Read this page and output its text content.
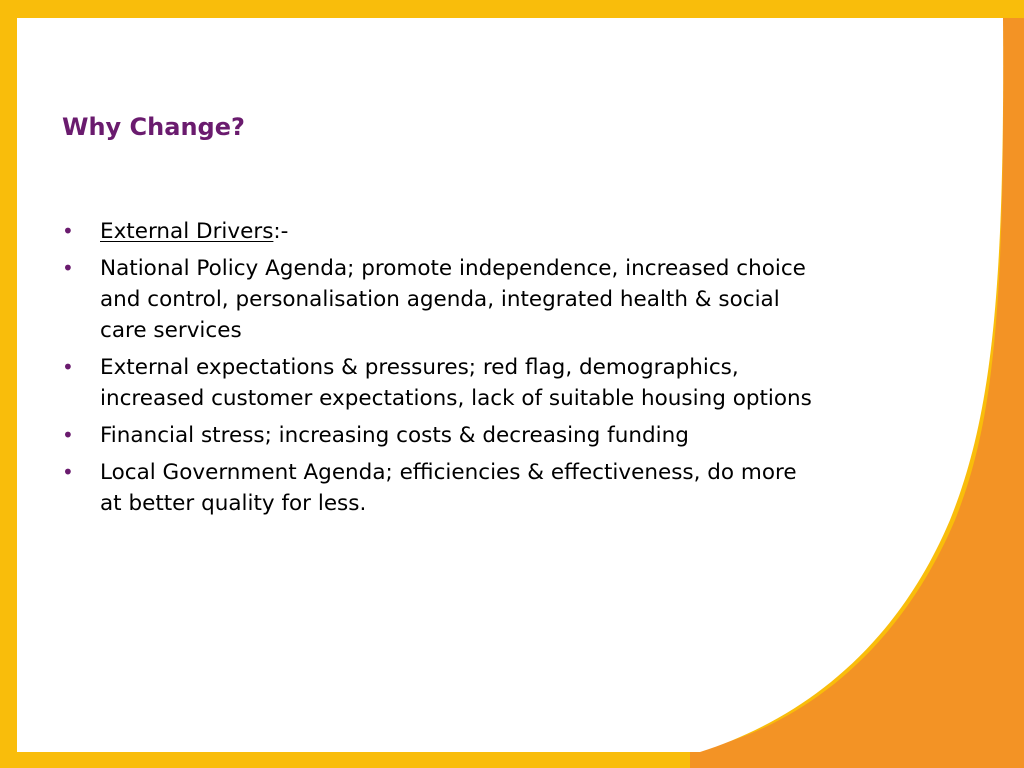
Why Change?
•	External Drivers:-
•	National Policy Agenda; promote independence, increased choice and control, personalisation agenda, integrated health & social care services
•	External expectations & pressures; red flag, demographics, increased customer expectations, lack of suitable housing options
•	Financial stress; increasing costs & decreasing funding
•	Local Government Agenda; efficiencies & effectiveness, do more at better quality for less.
